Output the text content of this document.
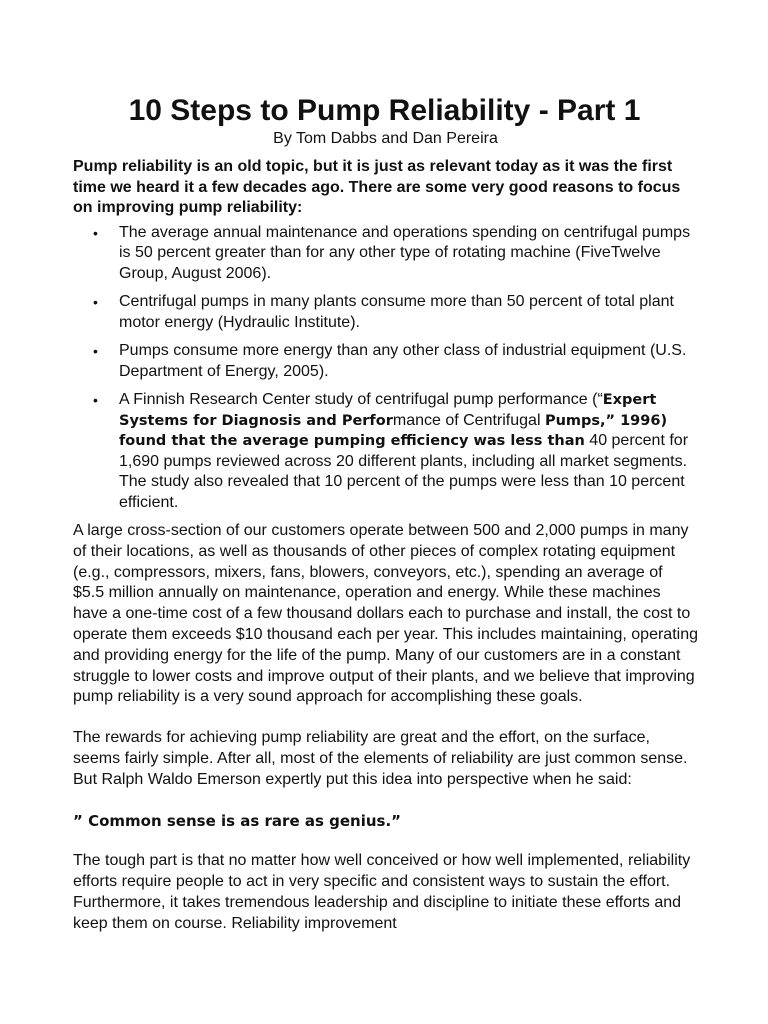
10 Steps to Pump Reliability - Part 1
By Tom Dabbs and Dan Pereira
Pump reliability is an old topic, but it is just as relevant today as it was the first time we heard it a few decades ago. There are some very good reasons to focus on improving pump reliability:
• The average annual maintenance and operations spending on centrifugal pumps is 50 percent greater than for any other type of rotating machine (FiveTwelve Group, August 2006).
• Centrifugal pumps in many plants consume more than 50 percent of total plant motor energy (Hydraulic Institute).
• Pumps consume more energy than any other class of industrial equipment (U.S. Department of Energy, 2005).
• A Finnish Research Center study of centrifugal pump performance (“Expert Systems for Diagnosis and Performance of Centrifugal Pumps,” 1996) found that the average pumping efficiency was less than 40 percent for 1,690 pumps reviewed across 20 different plants, including all market segments. The study also revealed that 10 percent of the pumps were less than 10 percent efficient.

A large cross-section of our customers operate between 500 and 2,000 pumps in many of their locations, as well as thousands of other pieces of complex rotating equipment (e.g., compressors, mixers, fans, blowers, conveyors, etc.), spending an average of $5.5 million annually on maintenance, operation and energy. While these machines have a one-time cost of a few thousand dollars each to purchase and install, the cost to operate them exceeds $10 thousand each per year. This includes maintaining, operating and providing energy for the life of the pump. Many of our customers are in a constant struggle to lower costs and improve output of their plants, and we believe that improving pump reliability is a very sound approach for accomplishing these goals.

The rewards for achieving pump reliability are great and the effort, on the surface, seems fairly simple. After all, most of the elements of reliability are just common sense. But Ralph Waldo Emerson expertly put this idea into perspective when he said:

” Common sense is as rare as genius.”

The tough part is that no matter how well conceived or how well implemented, reliability efforts require people to act in very specific and consistent ways to sustain the effort. Furthermore, it takes tremendous leadership and discipline to initiate these efforts and keep them on course. Reliability improvement
